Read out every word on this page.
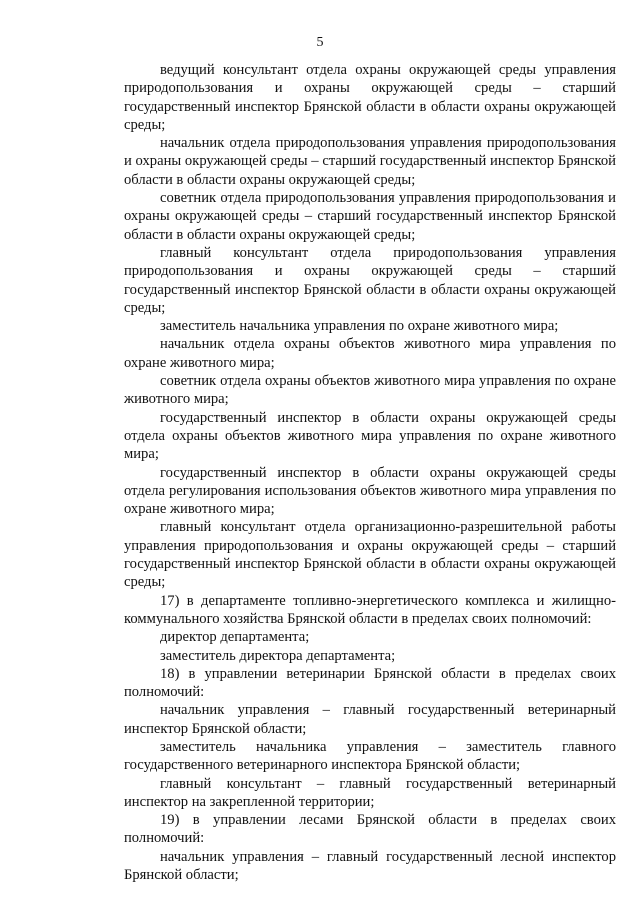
5

ведущий консультант отдела охраны окружающей среды управления природопользования и охраны окружающей среды – старший государственный инспектор Брянской области в области охраны окружающей среды;

начальник отдела природопользования управления природопользования и охраны окружающей среды – старший государственный инспектор Брянской области в области охраны окружающей среды;

советник отдела природопользования управления природопользования и охраны окружающей среды – старший государственный инспектор Брянской области в области охраны окружающей среды;

главный консультант отдела природопользования управления природопользования и охраны окружающей среды – старший государственный инспектор Брянской области в области охраны окружающей среды;

заместитель начальника управления по охране животного мира;

начальник отдела охраны объектов животного мира управления по охране животного мира;

советник отдела охраны объектов животного мира управления по охране животного мира;

государственный инспектор в области охраны окружающей среды отдела охраны объектов животного мира управления по охране животного мира;

государственный инспектор в области охраны окружающей среды отдела регулирования использования объектов животного мира управления по охране животного мира;

главный консультант отдела организационно-разрешительной работы управления природопользования и охраны окружающей среды – старший государственный инспектор Брянской области в области охраны окружающей среды;

17) в департаменте топливно-энергетического комплекса и жилищно-коммунального хозяйства Брянской области в пределах своих полномочий:

директор департамента;

заместитель директора департамента;

18) в управлении ветеринарии Брянской области в пределах своих полномочий:

начальник управления – главный государственный ветеринарный инспектор Брянской области;

заместитель начальника управления – заместитель главного государственного ветеринарного инспектора Брянской области;

главный консультант – главный государственный ветеринарный инспектор на закрепленной территории;

19) в управлении лесами Брянской области в пределах своих полномочий:

начальник управления – главный государственный лесной инспектор Брянской области;
